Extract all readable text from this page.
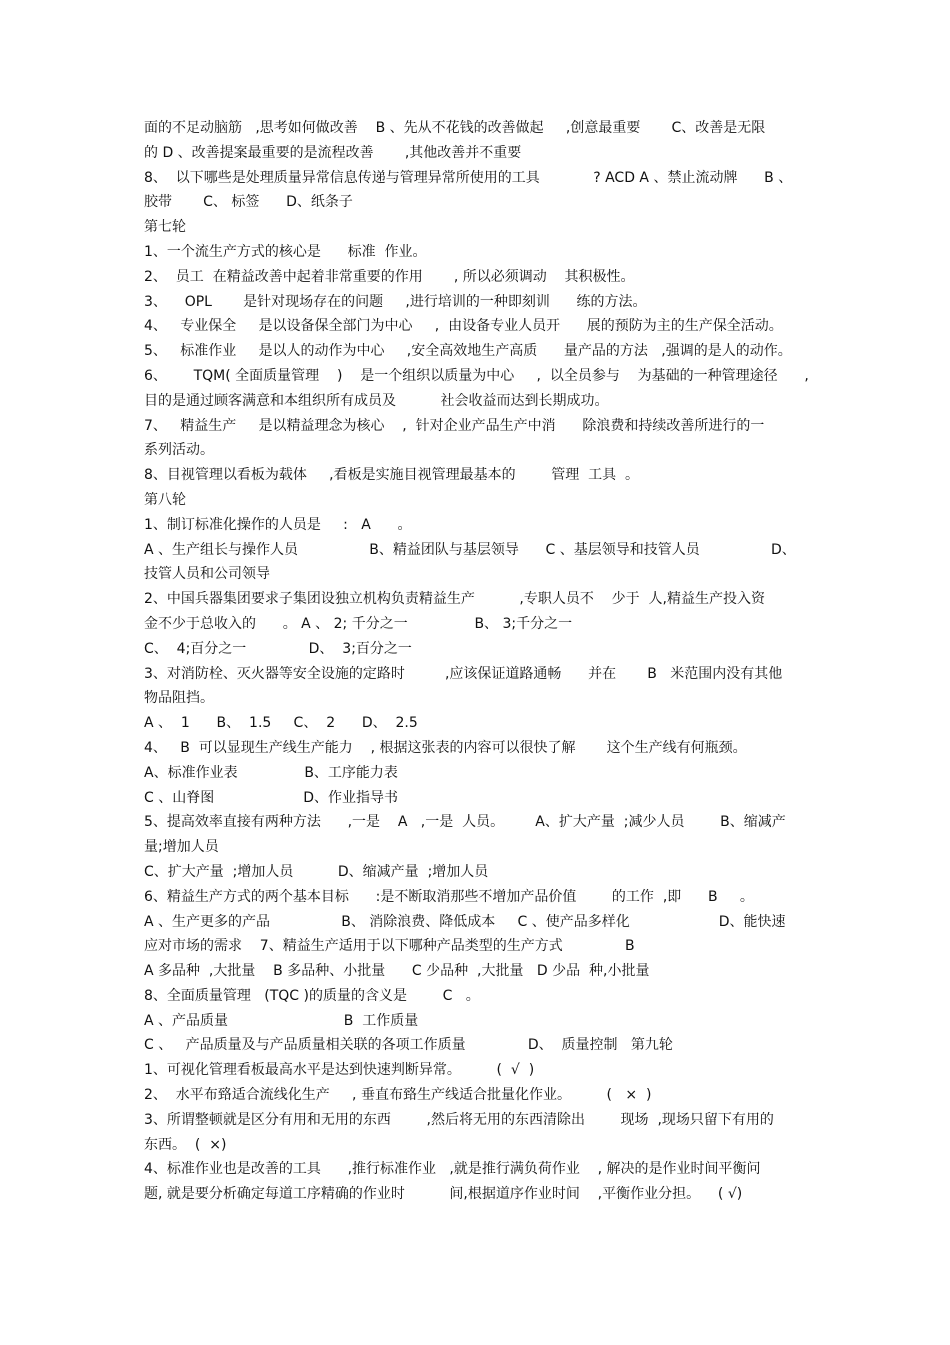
面的不足动脑筋   ,思考如何做改善    B 、先从不花钱的改善做起     ,创意最重要       C、改善是无限
的 D 、改善提案最重要的是流程改善       ,其他改善并不重要
8、  以下哪些是处理质量异常信息传递与管理异常所使用的工具            ? ACD A 、禁止流动牌      B 、
胶带       C、 标签      D、纸条子
第七轮
1、一个流生产方式的核心是      标准  作业。
2、  员工  在精益改善中起着非常重要的作用       , 所以必须调动    其积极性。
3、    OPL       是针对现场存在的问题     ,进行培训的一种即刻训      练的方法。
4、   专业保全     是以设备保全部门为中心     ,  由设备专业人员开      展的预防为主的生产保全活动。
5、   标准作业     是以人的动作为中心     ,安全高效地生产高质      量产品的方法   ,强调的是人的动作。
6、      TQM( 全面质量管理    )    是一个组织以质量为中心     ,  以全员参与    为基础的一种管理途径      ,
目的是通过顾客满意和本组织所有成员及          社会收益而达到长期成功。
7、   精益生产     是以精益理念为核心    ,  针对企业产品生产中消      除浪费和持续改善所进行的一
系列活动。
8、目视管理以看板为载体     ,看板是实施目视管理最基本的        管理  工具  。
第八轮
1、制订标准化操作的人员是     :   A      。
A 、生产组长与操作人员                B、精益团队与基层领导      C 、基层领导和技管人员                D、
技管人员和公司领导
2、中国兵器集团要求子集团设独立机构负责精益生产          ,专职人员不    少于  人,精益生产投入资
金不少于总收入的      。 A 、 2; 千分之一               B、 3;千分之一
C、  4;百分之一              D、  3;百分之一
3、对消防栓、灭火器等安全设施的定路时         ,应该保证道路通畅      并在       B   米范围内没有其他
物品阻挡。
A 、  1      B、  1.5     C、  2      D、  2.5
4、   B  可以显现生产线生产能力    , 根据这张表的内容可以很快了解       这个生产线有何瓶颈。
A、标准作业表               B、工序能力表
C 、山脊图                    D、作业指导书
5、提高效率直接有两种方法      ,一是    A   ,一是  人员。       A、扩大产量  ;减少人员        B、缩减产
量;增加人员
C、扩大产量  ;增加人员          D、缩减产量  ;增加人员
6、精益生产方式的两个基本目标      :是不断取消那些不增加产品价值        的工作  ,即      B     。
A 、生产更多的产品                B、 消除浪费、降低成本     C 、使产品多样化                    D、能快速
应对市场的需求    7、精益生产适用于以下哪种产品类型的生产方式              B
A 多品种  ,大批量    B 多品种、小批量      C 少品种  ,大批量   D 少品  种,小批量
8、全面质量管理   (TQC )的质量的含义是        C   。
A 、产品质量                          B  工作质量
C 、   产品质量及与产品质量相关联的各项工作质量              D、  质量控制   第九轮
1、可视化管理看板最高水平是达到快速判断异常。        (  √  )
2、  水平布臵适合流线化生产     , 垂直布臵生产线适合批量化作业。        (   ×  )
3、所谓整顿就是区分有用和无用的东西        ,然后将无用的东西清除出        现场  ,现场只留下有用的
东西。  (  ×)
4、标准作业也是改善的工具      ,推行标准作业   ,就是推行满负荷作业    , 解决的是作业时间平衡问
题, 就是要分析确定每道工序精确的作业时          间,根据道序作业时间    ,平衡作业分担。    ( √)
